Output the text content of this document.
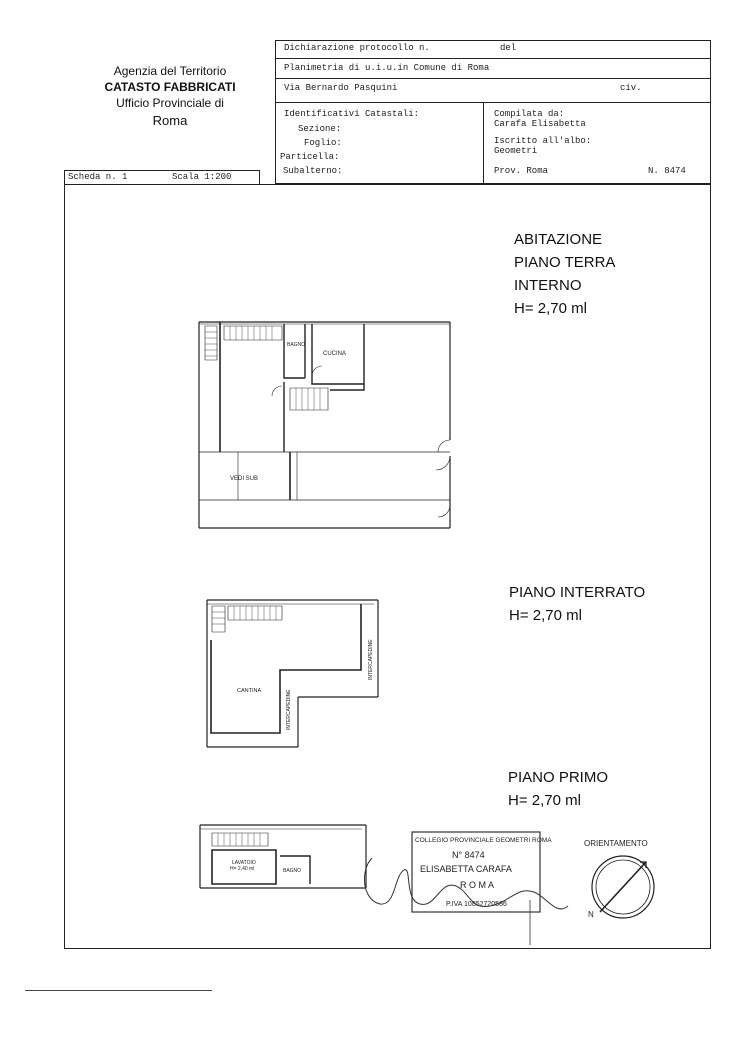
Agenzia del Territorio
CATASTO FABBRICATI
Ufficio Provinciale di
Roma
Dichiarazione protocollo n.	del
Planimetria di u.i.u.in Comune di Roma
Via Bernardo Pasquini	civ.
Identificativi Catastali:
Sezione:
Foglio:
Particella:
Subalterno:
Compilata da:
Carafa Elisabetta
Iscritto all'albo:
Geometri
Prov. Roma	N. 8474
Scheda n. 1	Scala 1:200
ABITAZIONE
PIANO TERRA
INTERNO
H= 2,70 ml
PIANO INTERRATO
H= 2,70 ml
PIANO PRIMO
H= 2,70 ml
BAGNO
CUCINA
VEDI SUB
CANTINA
INTERCAPEDINE
INTERCAPEDINE
LAVATOIO
H= 2,40 ml	BAGNO
COLLEGIO PROVINCIALE GEOMETRI ROMA
N° 8474
ELISABETTA CARAFA
R O M A
P.IVA 10852720586
ORIENTAMENTO
N
